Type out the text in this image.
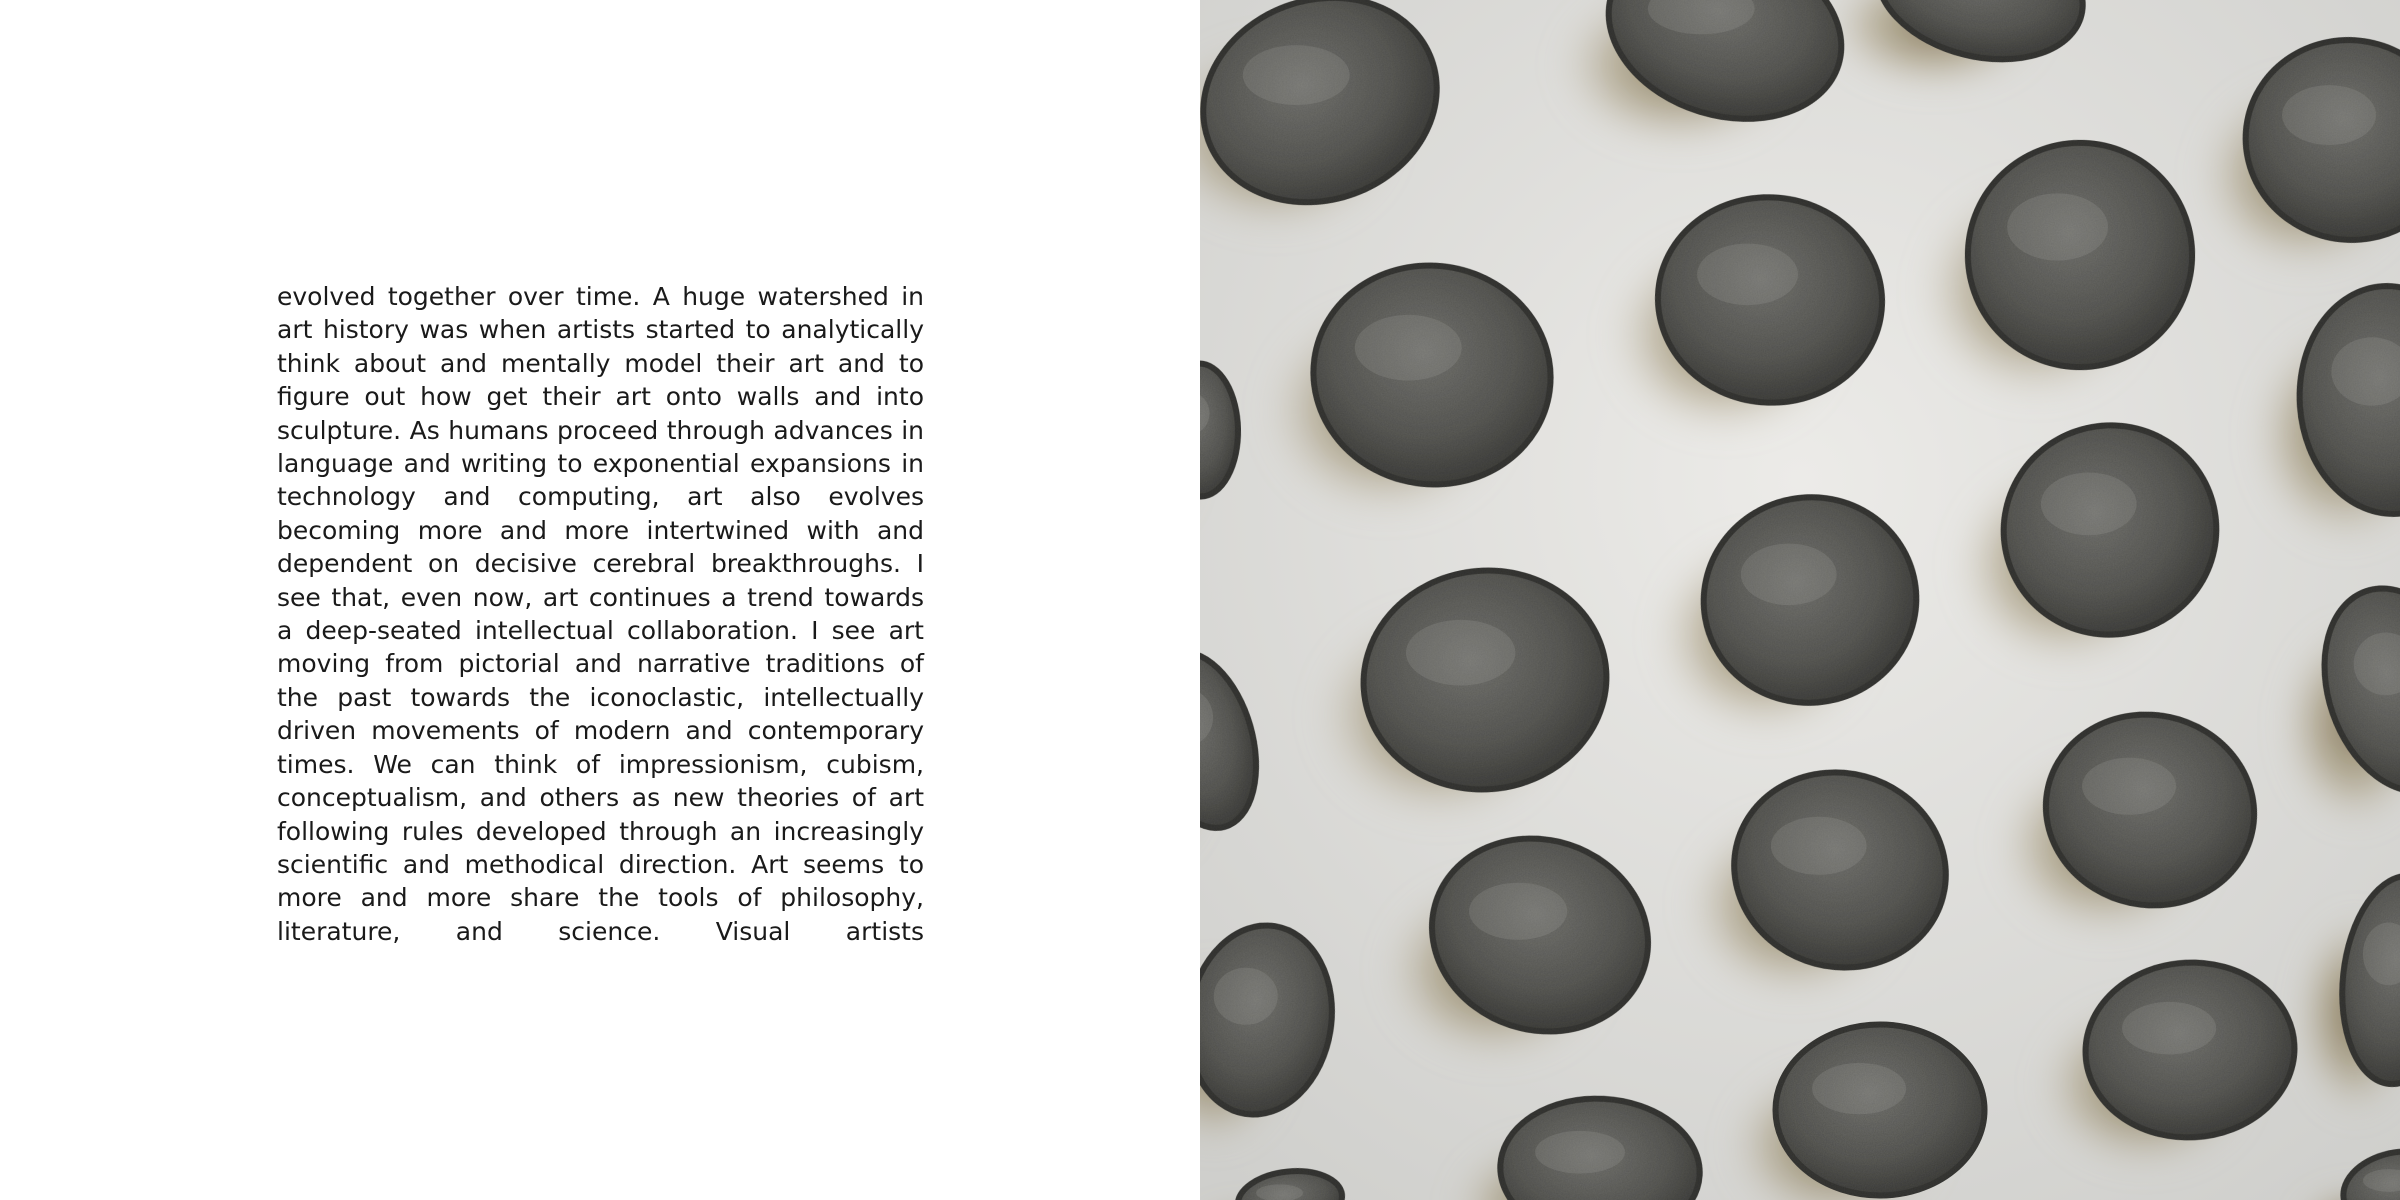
evolved together over time. A huge watershed in art history was when artists started to analytically think about and mentally model their art and to figure out how get their art onto walls and into sculpture. As humans proceed through advances in language and writing to exponential expansions in technology and computing, art also evolves becoming more and more intertwined with and dependent on decisive cerebral breakthroughs. I see that, even now, art continues a trend towards a deep-seated intellectual collaboration. I see art moving from pictorial and narrative traditions of the past towards the iconoclastic, intellectually driven movements of modern and contemporary times. We can think of impressionism, cubism, conceptualism, and others as new theories of art following rules developed through an increasingly scientific and methodical direction. Art seems to more and more share the tools of philosophy, literature, and science. Visual artists
